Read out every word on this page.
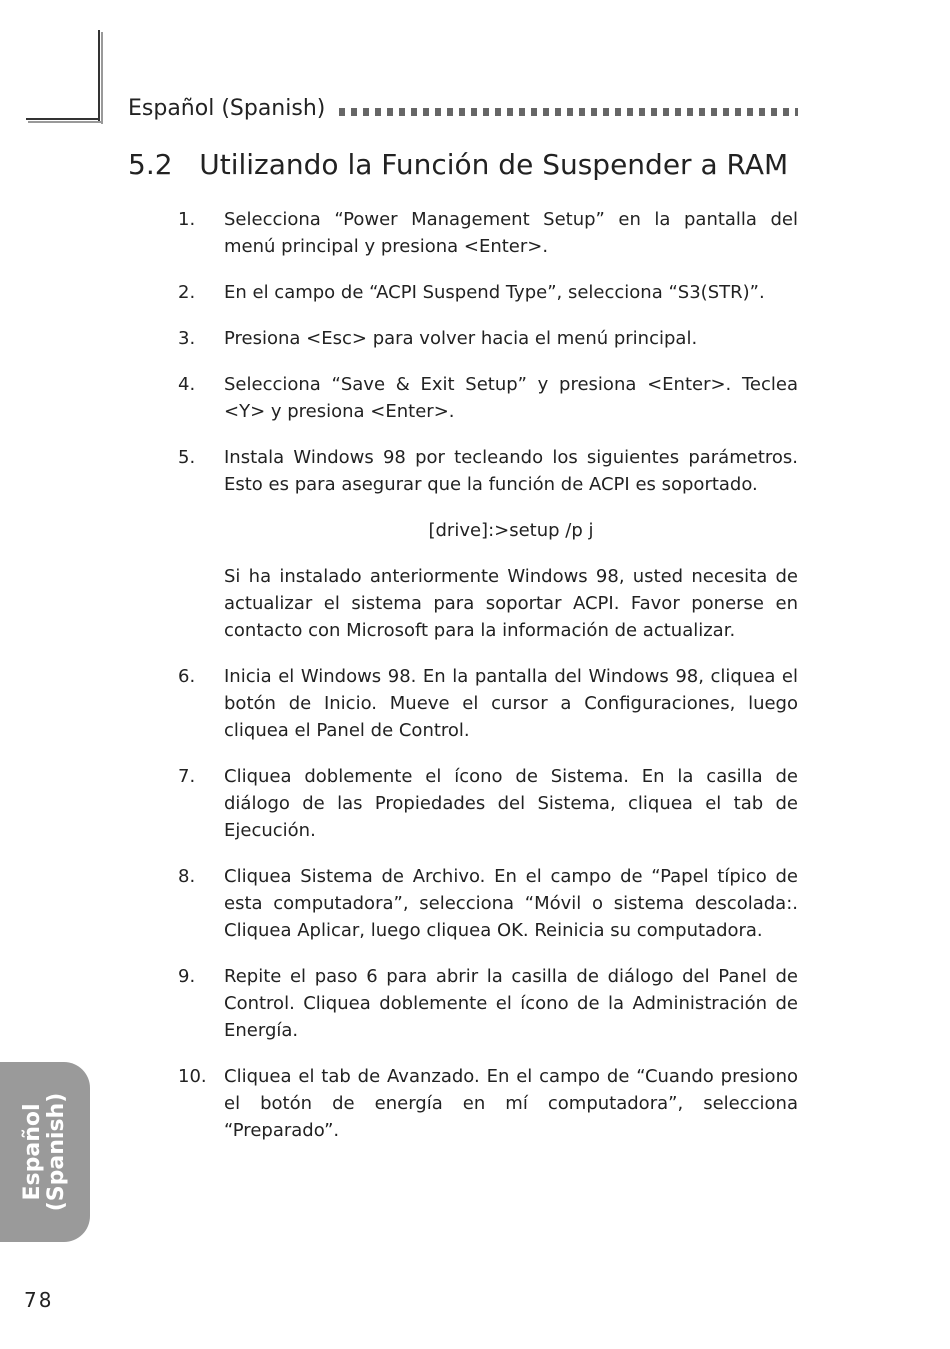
Español (Spanish)
5.2   Utilizando la Función de Suspender a RAM
1.	Selecciona “Power Management Setup” en la pantalla del menú principal y presiona <Enter>.

2.	En el campo de “ACPI Suspend Type”, selecciona “S3(STR)”.

3.	Presiona <Esc> para volver hacia el menú principal.

4.	Selecciona “Save & Exit Setup” y presiona <Enter>. Teclea <Y> y presiona <Enter>.

5.	Instala Windows 98 por tecleando los siguientes parámetros. Esto es para asegurar que la función de ACPI es soportado.

[drive]:>setup /p j

Si ha instalado anteriormente Windows 98, usted necesita de actualizar el sistema para soportar ACPI. Favor ponerse en contacto con Microsoft para la información de actualizar.

6.	Inicia el Windows 98. En la pantalla del Windows 98, cliquea el botón de Inicio. Mueve el cursor a Configuraciones, luego cliquea el Panel de Control.

7.	Cliquea doblemente el ícono de Sistema. En la casilla de diálogo de las Propiedades del Sistema, cliquea el tab de Ejecución.

8.	Cliquea Sistema de Archivo. En el campo de “Papel típico de esta computadora”, selecciona “Móvil o sistema descolada:. Cliquea Aplicar, luego cliquea OK. Reinicia su computadora.

9.	Repite el paso 6 para abrir la casilla de diálogo del Panel de Control. Cliquea doblemente el ícono de la Administración de Energía.

10. Cliquea el tab de Avanzado. En el campo de “Cuando presiono el botón de energía en mí computadora”, selecciona “Preparado”.

Español (Spanish)
78
